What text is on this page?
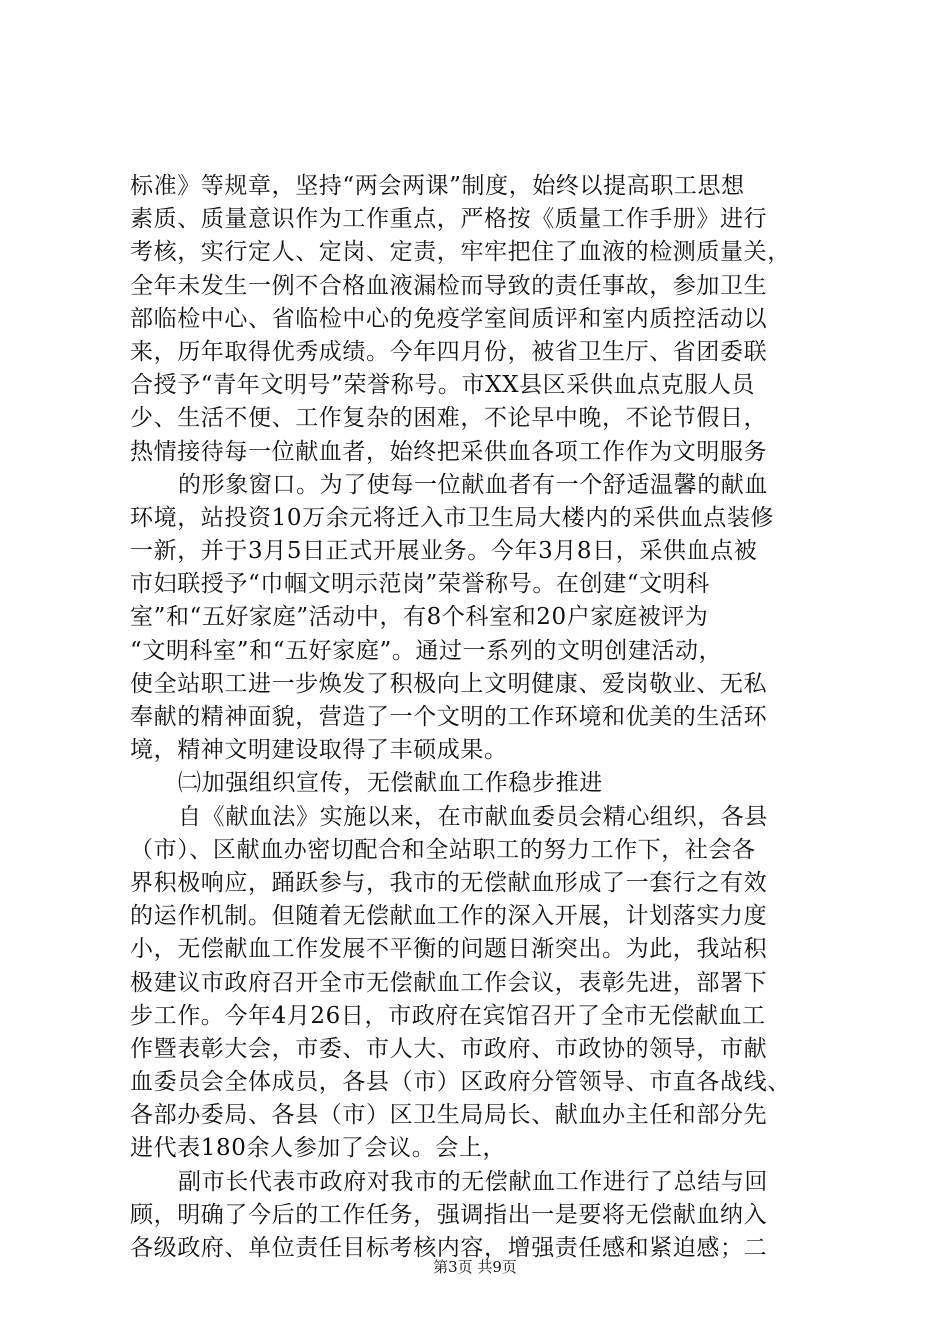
标准》等规章，坚持“两会两课”制度，始终以提高职工思想
素质、质量意识作为工作重点，严格按《质量工作手册》进行
考核，实行定人、定岗、定责，牢牢把住了血液的检测质量关，
全年未发生一例不合格血液漏检而导致的责任事故，参加卫生
部临检中心、省临检中心的免疫学室间质评和室内质控活动以
来，历年取得优秀成绩。今年四月份，被省卫生厅、省团委联
合授予“青年文明号”荣誉称号。市XX县区采供血点克服人员
少、生活不便、工作复杂的困难，不论早中晚，不论节假日，
热情接待每一位献血者，始终把采供血各项工作作为文明服务
的形象窗口。为了使每一位献血者有一个舒适温馨的献血
环境，站投资10万余元将迁入市卫生局大楼内的采供血点装修
一新，并于3月5日正式开展业务。今年3月8日，采供血点被
市妇联授予“巾帼文明示范岗”荣誉称号。在创建“文明科
室”和“五好家庭”活动中，有8个科室和20户家庭被评为
“文明科室”和“五好家庭”。通过一系列的文明创建活动，
使全站职工进一步焕发了积极向上文明健康、爱岗敬业、无私
奉献的精神面貌，营造了一个文明的工作环境和优美的生活环
境，精神文明建设取得了丰硕成果。
㈡加强组织宣传，无偿献血工作稳步推进
自《献血法》实施以来，在市献血委员会精心组织，各县
（市）、区献血办密切配合和全站职工的努力工作下，社会各
界积极响应，踊跃参与，我市的无偿献血形成了一套行之有效
的运作机制。但随着无偿献血工作的深入开展，计划落实力度
小，无偿献血工作发展不平衡的问题日渐突出。为此，我站积
极建议市政府召开全市无偿献血工作会议，表彰先进，部署下
步工作。今年4月26日，市政府在宾馆召开了全市无偿献血工
作暨表彰大会，市委、市人大、市政府、市政协的领导，市献
血委员会全体成员，各县（市）区政府分管领导、市直各战线、
各部办委局、各县（市）区卫生局局长、献血办主任和部分先
进代表180余人参加了会议。会上，
副市长代表市政府对我市的无偿献血工作进行了总结与回
顾，明确了今后的工作任务，强调指出一是要将无偿献血纳入
各级政府、单位责任目标考核内容，增强责任感和紧迫感；二
第3页 共9页
